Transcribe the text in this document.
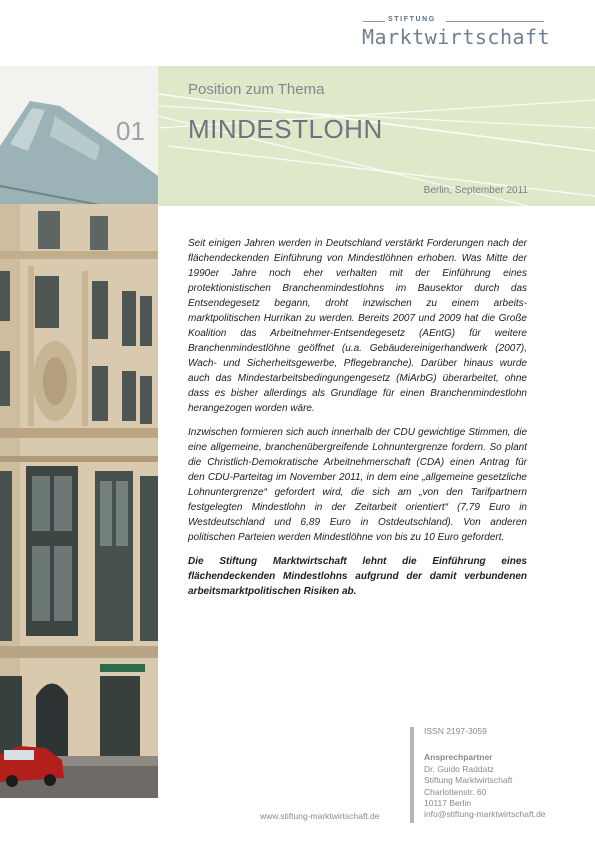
STIFTUNG
Marktwirtschaft
Position zum Thema
MINDESTLOHN
Berlin, September 2011
01

Seit einigen Jahren werden in Deutschland verstärkt Forderungen nach der flächendeckenden Einführung von Mindestlöhnen erhoben. Was Mitte der 1990er Jahre noch eher verhalten mit der Einführung eines protektionistischen Branchenmindestlohns im Bausektor durch das Entsendegesetz begann, droht inzwischen zu einem arbeits-marktpolitischen Hurrikan zu werden. Bereits 2007 und 2009 hat die Große Koalition das Arbeitnehmer-Entsendegesetz (AEntG) für weitere Branchenmindestlöhne geöffnet (u.a. Gebäudereinigerhandwerk (2007), Wach- und Sicherheitsgewerbe, Pflegebranche). Darüber hinaus wurde auch das Mindestarbeitsbedingungengesetz (MiArbG) überarbeitet, ohne dass es bisher allerdings als Grundlage für einen Branchenmindestlohn herangezogen worden wäre.

Inzwischen formieren sich auch innerhalb der CDU gewichtige Stimmen, die eine allgemeine, branchenübergreifende Lohnuntergrenze fordern. So plant die Christlich-Demokratische Arbeitnehmerschaft (CDA) einen Antrag für den CDU-Parteitag im November 2011, in dem eine „allgemeine gesetzliche Lohnuntergrenze“ gefordert wird, die sich am „von den Tarifpartnern festgelegten Mindestlohn in der Zeitarbeit orientiert“ (7,79 Euro in Westdeutschland und 6,89 Euro in Ostdeutschland). Von anderen politischen Parteien werden Mindestlöhne von bis zu 10 Euro gefordert.

Die Stiftung Marktwirtschaft lehnt die Einführung eines flächendeckenden Mindestlohns aufgrund der damit verbundenen arbeitsmarktpolitischen Risiken ab.

ISSN 2197-3059
Ansprechpartner
Dr. Guido Raddatz
Stiftung Marktwirtschaft
Charlottenstr. 60
10117 Berlin
info@stiftung-marktwirtschaft.de
www.stiftung-marktwirtschaft.de
